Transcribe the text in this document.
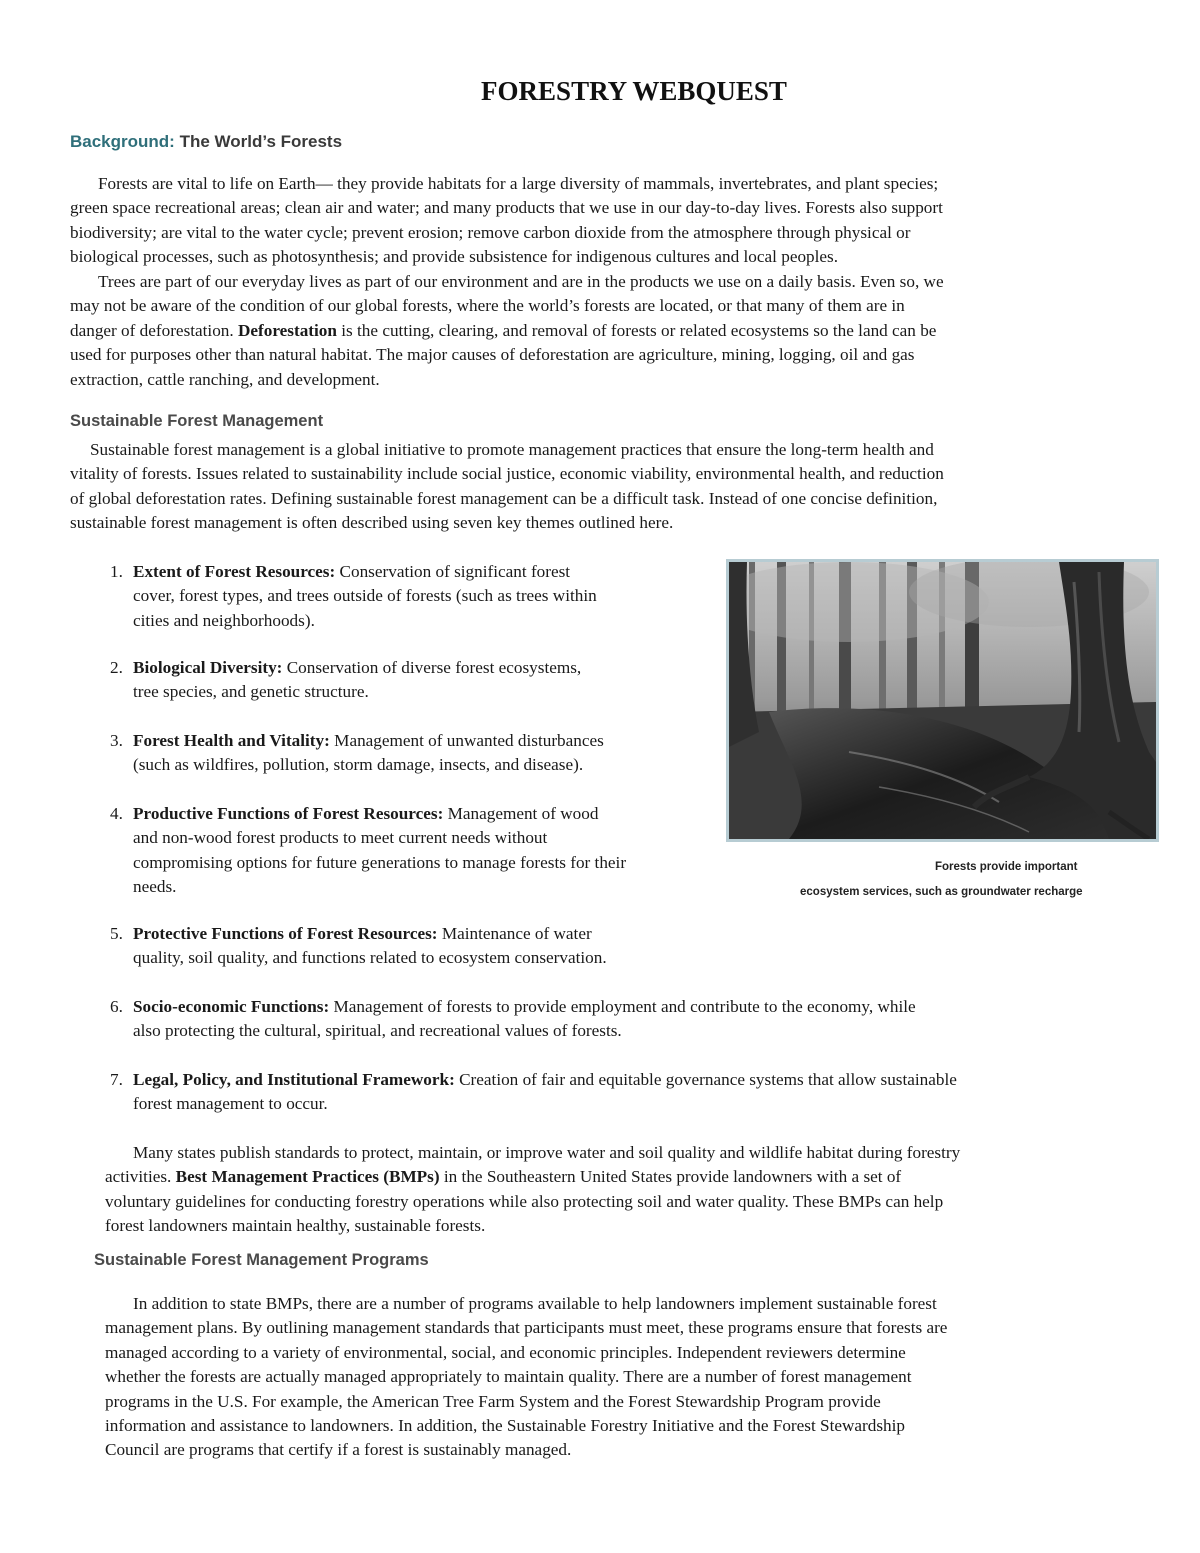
FORESTRY WEBQUEST
Background: The World’s Forests

Forests are vital to life on Earth— they provide habitats for a large diversity of mammals, invertebrates, and plant species;
green space recreational areas; clean air and water; and many products that we use in our day-to-day lives. Forests also support
biodiversity; are vital to the water cycle; prevent erosion; remove carbon dioxide from the atmosphere through physical or
biological processes, such as photosynthesis; and provide subsistence for indigenous cultures and local peoples.

Trees are part of our everyday lives as part of our environment and are in the products we use on a daily basis. Even so, we
may not be aware of the condition of our global forests, where the world’s forests are located, or that many of them are in
danger of deforestation. Deforestation is the cutting, clearing, and removal of forests or related ecosystems so the land can be
used for purposes other than natural habitat. The major causes of deforestation are agriculture, mining, logging, oil and gas
extraction, cattle ranching, and development.

Sustainable Forest Management

Sustainable forest management is a global initiative to promote management practices that ensure the long-term health and
vitality of forests. Issues related to sustainability include social justice, economic viability, environmental health, and reduction
of global deforestation rates. Defining sustainable forest management can be a difficult task. Instead of one concise definition,
sustainable forest management is often described using seven key themes outlined here.

1. Extent of Forest Resources: Conservation of significant forest
cover, forest types, and trees outside of forests (such as trees within
cities and neighborhoods).
2. Biological Diversity: Conservation of diverse forest ecosystems,
tree species, and genetic structure.
3. Forest Health and Vitality: Management of unwanted disturbances
(such as wildfires, pollution, storm damage, insects, and disease).
4. Productive Functions of Forest Resources: Management of wood
and non-wood forest products to meet current needs without
compromising options for future generations to manage forests for their
needs.
5. Protective Functions of Forest Resources: Maintenance of water
quality, soil quality, and functions related to ecosystem conservation.
6. Socio-economic Functions: Management of forests to provide employment and contribute to the economy, while
also protecting the cultural, spiritual, and recreational values of forests.
7. Legal, Policy, and Institutional Framework: Creation of fair and equitable governance systems that allow sustainable
forest management to occur.
Forests provide important
ecosystem services, such as groundwater recharge

Many states publish standards to protect, maintain, or improve water and soil quality and wildlife habitat during forestry
activities. Best Management Practices (BMPs) in the Southeastern United States provide landowners with a set of
voluntary guidelines for conducting forestry operations while also protecting soil and water quality. These BMPs can help
forest landowners maintain healthy, sustainable forests.

Sustainable Forest Management Programs

In addition to state BMPs, there are a number of programs available to help landowners implement sustainable forest
management plans. By outlining management standards that participants must meet, these programs ensure that forests are
managed according to a variety of environmental, social, and economic principles. Independent reviewers determine
whether the forests are actually managed appropriately to maintain quality. There are a number of forest management
programs in the U.S. For example, the American Tree Farm System and the Forest Stewardship Program provide
information and assistance to landowners. In addition, the Sustainable Forestry Initiative and the Forest Stewardship
Council are programs that certify if a forest is sustainably managed.
